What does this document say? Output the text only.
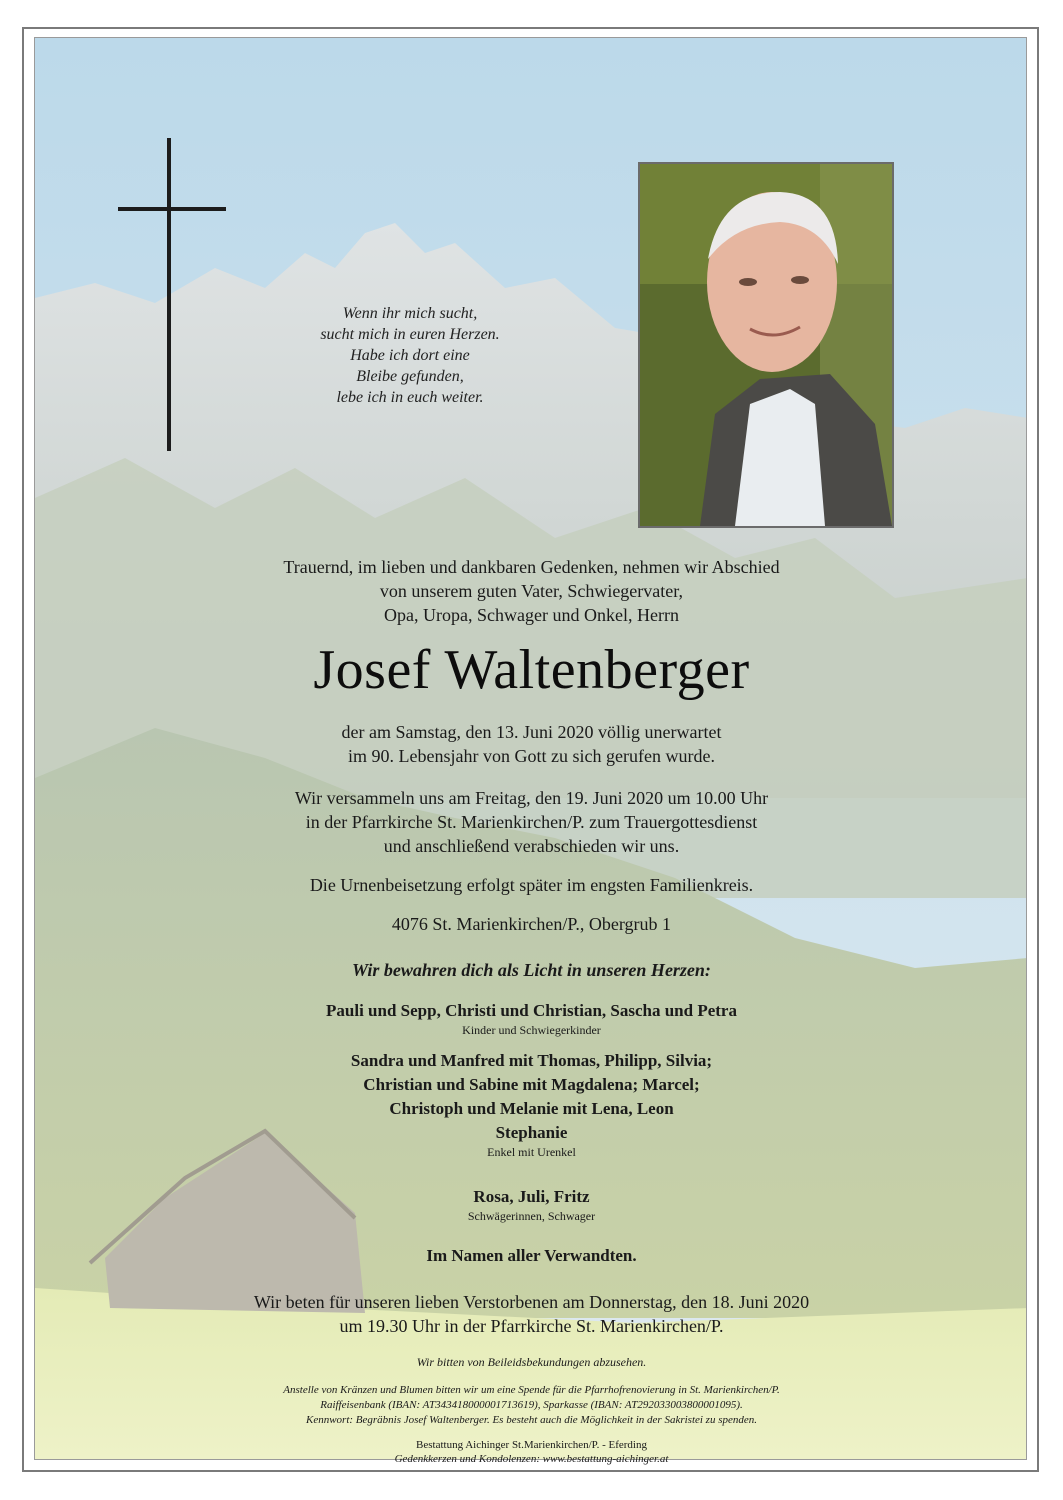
Wenn ihr mich sucht,
sucht mich in euren Herzen.
Habe ich dort eine
Bleibe gefunden,
lebe ich in euch weiter.
Trauernd, im lieben und dankbaren Gedenken, nehmen wir Abschied
von unserem guten Vater, Schwiegervater,
Opa, Uropa, Schwager und Onkel, Herrn
Josef Waltenberger
der am Samstag, den 13. Juni 2020 völlig unerwartet
im 90. Lebensjahr von Gott zu sich gerufen wurde.
Wir versammeln uns am Freitag, den 19. Juni 2020 um 10.00 Uhr
in der Pfarrkirche St. Marienkirchen/P. zum Trauergottesdienst
und anschließend verabschieden wir uns.
Die Urnenbeisetzung erfolgt später im engsten Familienkreis.
4076 St. Marienkirchen/P., Obergrub 1
Wir bewahren dich als Licht in unseren Herzen:
Pauli und Sepp, Christi und Christian, Sascha und Petra
Kinder und Schwiegerkinder
Sandra und Manfred mit Thomas, Philipp, Silvia;
Christian und Sabine mit Magdalena; Marcel;
Christoph und Melanie mit Lena, Leon
Stephanie
Enkel mit Urenkel
Rosa, Juli, Fritz
Schwägerinnen, Schwager
Im Namen aller Verwandten.
Wir beten für unseren lieben Verstorbenen am Donnerstag, den 18. Juni 2020
um 19.30 Uhr in der Pfarrkirche St. Marienkirchen/P.
Wir bitten von Beileidsbekundungen abzusehen.
Anstelle von Kränzen und Blumen bitten wir um eine Spende für die Pfarrhofrenovierung in St. Marienkirchen/P.
Raiffeisenbank (IBAN: AT343418000001713619), Sparkasse (IBAN: AT292033003800001095).
Kennwort: Begräbnis Josef Waltenberger. Es besteht auch die Möglichkeit in der Sakristei zu spenden.
Bestattung Aichinger St.Marienkirchen/P. - Eferding
Gedenkkerzen und Kondolenzen: www.bestattung-aichinger.at
